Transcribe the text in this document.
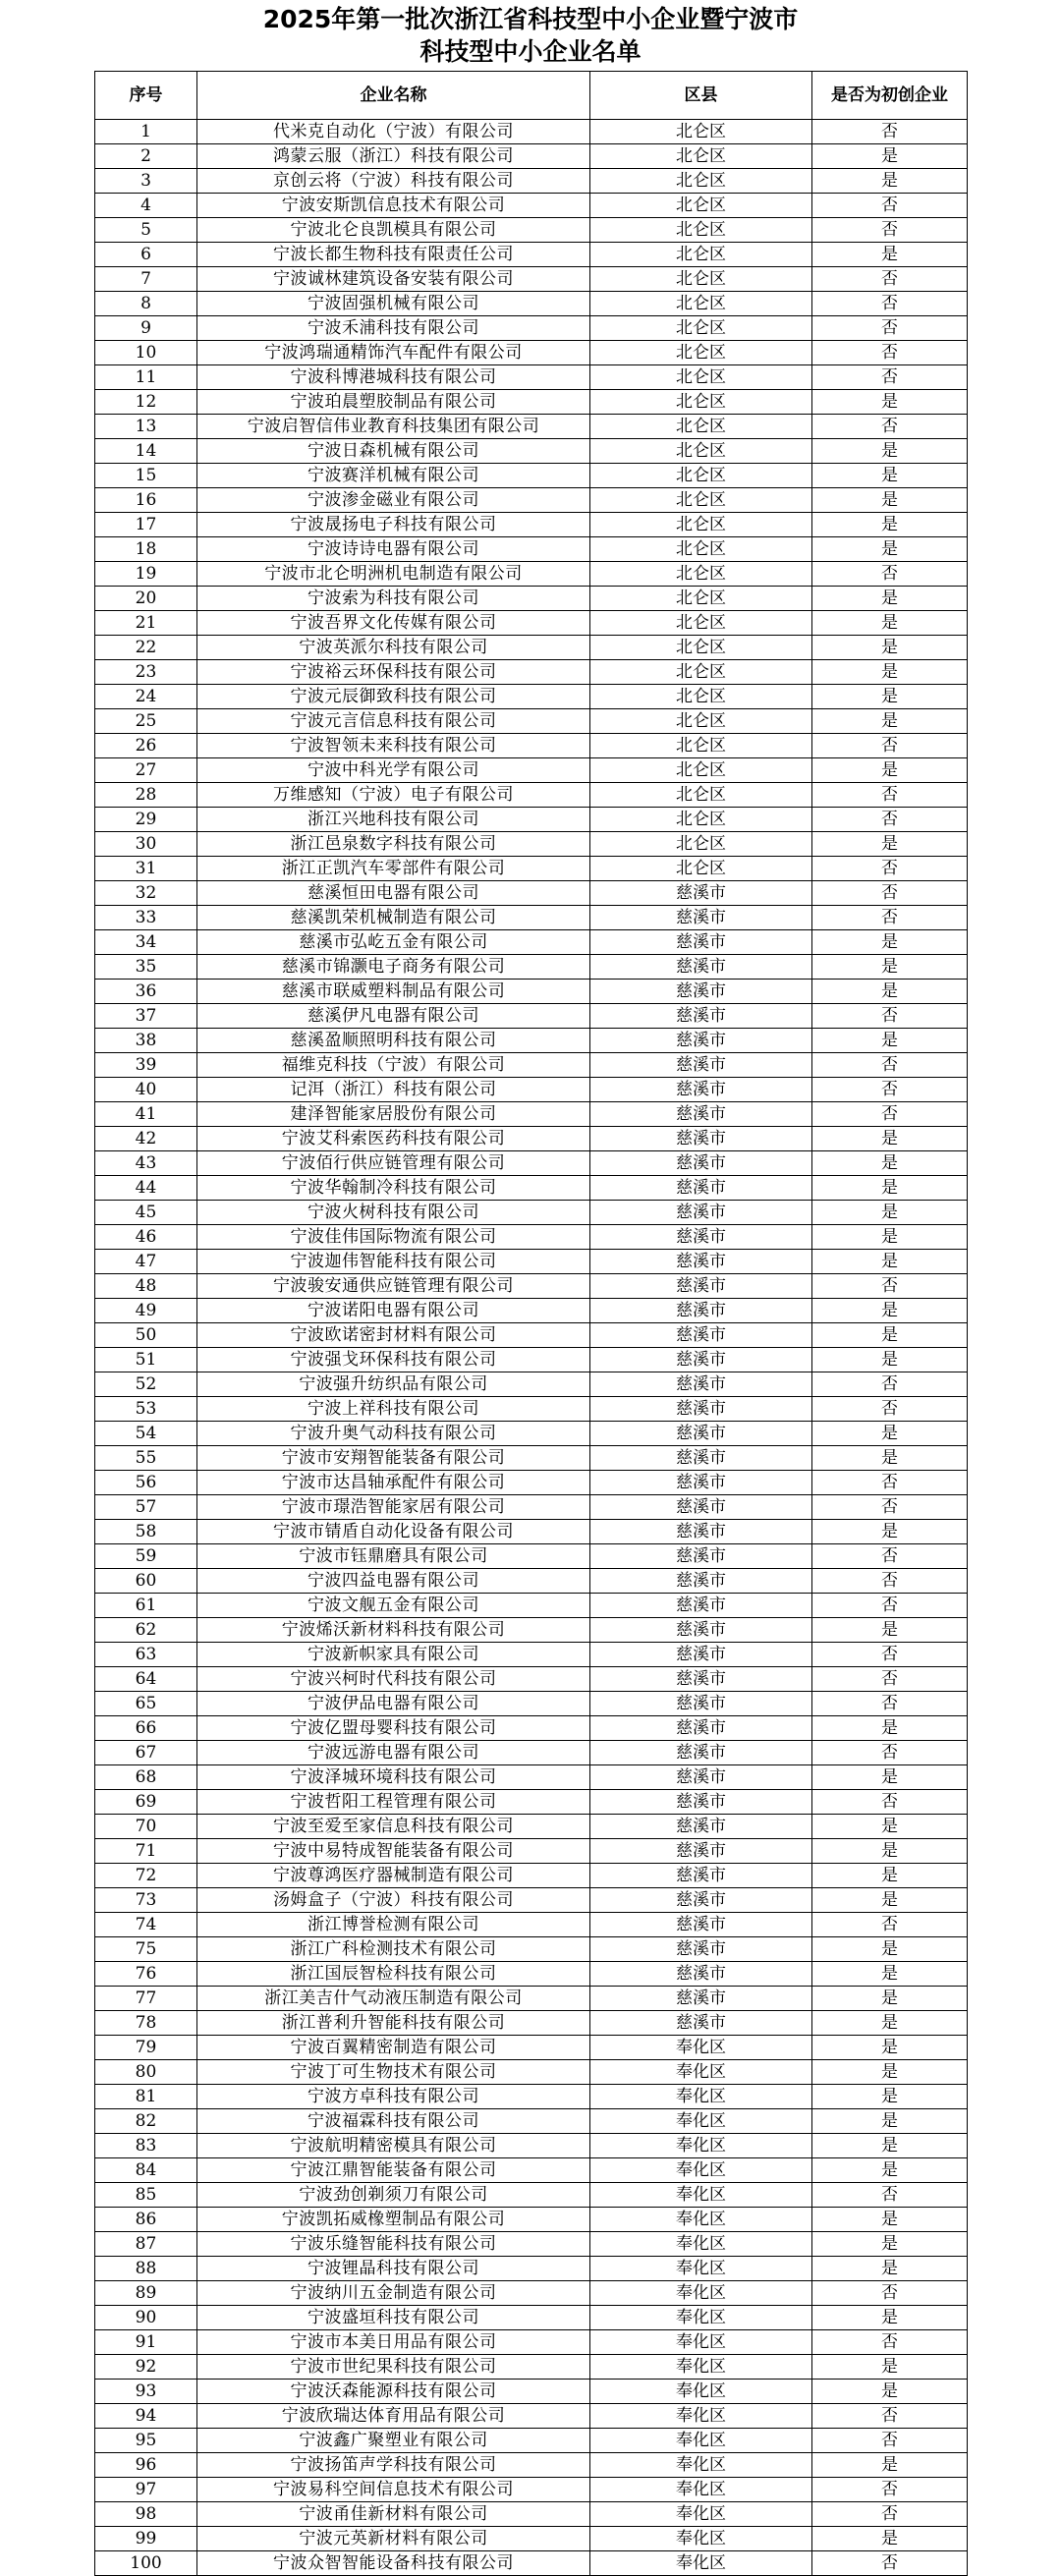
2025年第一批次浙江省科技型中小企业暨宁波市
科技型中小企业名单
序号	企业名称	区县	是否为初创企业
1	代米克自动化（宁波）有限公司	北仑区	否
2	鸿蒙云服（浙江）科技有限公司	北仑区	是
3	京创云将（宁波）科技有限公司	北仑区	是
4	宁波安斯凯信息技术有限公司	北仑区	否
5	宁波北仑良凯模具有限公司	北仑区	否
6	宁波长都生物科技有限责任公司	北仑区	是
7	宁波诚林建筑设备安装有限公司	北仑区	否
8	宁波固强机械有限公司	北仑区	否
9	宁波禾浦科技有限公司	北仑区	否
10	宁波鸿瑞通精饰汽车配件有限公司	北仑区	否
11	宁波科博港城科技有限公司	北仑区	否
12	宁波珀晨塑胶制品有限公司	北仑区	是
13	宁波启智信伟业教育科技集团有限公司	北仑区	否
14	宁波日森机械有限公司	北仑区	是
15	宁波赛洋机械有限公司	北仑区	是
16	宁波渗金磁业有限公司	北仑区	是
17	宁波晟扬电子科技有限公司	北仑区	是
18	宁波诗诗电器有限公司	北仑区	是
19	宁波市北仑明洲机电制造有限公司	北仑区	否
20	宁波索为科技有限公司	北仑区	是
21	宁波吾界文化传媒有限公司	北仑区	是
22	宁波英派尔科技有限公司	北仑区	是
23	宁波裕云环保科技有限公司	北仑区	是
24	宁波元辰御致科技有限公司	北仑区	是
25	宁波元言信息科技有限公司	北仑区	是
26	宁波智领未来科技有限公司	北仑区	否
27	宁波中科光学有限公司	北仑区	是
28	万维感知（宁波）电子有限公司	北仑区	否
29	浙江兴地科技有限公司	北仑区	否
30	浙江邑泉数字科技有限公司	北仑区	是
31	浙江正凯汽车零部件有限公司	北仑区	否
32	慈溪恒田电器有限公司	慈溪市	否
33	慈溪凯荣机械制造有限公司	慈溪市	否
34	慈溪市弘屹五金有限公司	慈溪市	是
35	慈溪市锦灏电子商务有限公司	慈溪市	是
36	慈溪市联威塑料制品有限公司	慈溪市	是
37	慈溪伊凡电器有限公司	慈溪市	否
38	慈溪盈顺照明科技有限公司	慈溪市	是
39	福维克科技（宁波）有限公司	慈溪市	否
40	记洱（浙江）科技有限公司	慈溪市	否
41	建泽智能家居股份有限公司	慈溪市	否
42	宁波艾科索医药科技有限公司	慈溪市	是
43	宁波佰行供应链管理有限公司	慈溪市	是
44	宁波华翰制冷科技有限公司	慈溪市	是
45	宁波火树科技有限公司	慈溪市	是
46	宁波佳伟国际物流有限公司	慈溪市	是
47	宁波迦伟智能科技有限公司	慈溪市	是
48	宁波骏安通供应链管理有限公司	慈溪市	否
49	宁波诺阳电器有限公司	慈溪市	是
50	宁波欧诺密封材料有限公司	慈溪市	是
51	宁波强戈环保科技有限公司	慈溪市	是
52	宁波强升纺织品有限公司	慈溪市	否
53	宁波上祥科技有限公司	慈溪市	否
54	宁波升奥气动科技有限公司	慈溪市	是
55	宁波市安翔智能装备有限公司	慈溪市	是
56	宁波市达昌轴承配件有限公司	慈溪市	否
57	宁波市璟浩智能家居有限公司	慈溪市	否
58	宁波市锖盾自动化设备有限公司	慈溪市	是
59	宁波市钰鼎磨具有限公司	慈溪市	否
60	宁波四益电器有限公司	慈溪市	否
61	宁波文舰五金有限公司	慈溪市	否
62	宁波烯沃新材料科技有限公司	慈溪市	是
63	宁波新帜家具有限公司	慈溪市	否
64	宁波兴柯时代科技有限公司	慈溪市	否
65	宁波伊品电器有限公司	慈溪市	否
66	宁波亿盟母婴科技有限公司	慈溪市	是
67	宁波远游电器有限公司	慈溪市	否
68	宁波泽城环境科技有限公司	慈溪市	是
69	宁波哲阳工程管理有限公司	慈溪市	否
70	宁波至爱至家信息科技有限公司	慈溪市	是
71	宁波中易特成智能装备有限公司	慈溪市	是
72	宁波尊鸿医疗器械制造有限公司	慈溪市	是
73	汤姆盒子（宁波）科技有限公司	慈溪市	是
74	浙江博誉检测有限公司	慈溪市	否
75	浙江广科检测技术有限公司	慈溪市	是
76	浙江国辰智检科技有限公司	慈溪市	是
77	浙江美吉什气动液压制造有限公司	慈溪市	是
78	浙江普利升智能科技有限公司	慈溪市	是
79	宁波百翼精密制造有限公司	奉化区	是
80	宁波丁可生物技术有限公司	奉化区	是
81	宁波方卓科技有限公司	奉化区	是
82	宁波福霖科技有限公司	奉化区	是
83	宁波航明精密模具有限公司	奉化区	是
84	宁波江鼎智能装备有限公司	奉化区	是
85	宁波劲创剃须刀有限公司	奉化区	否
86	宁波凯拓威橡塑制品有限公司	奉化区	是
87	宁波乐缝智能科技有限公司	奉化区	是
88	宁波锂晶科技有限公司	奉化区	是
89	宁波纳川五金制造有限公司	奉化区	否
90	宁波盛垣科技有限公司	奉化区	是
91	宁波市本美日用品有限公司	奉化区	否
92	宁波市世纪果科技有限公司	奉化区	是
93	宁波沃森能源科技有限公司	奉化区	是
94	宁波欣瑞达体育用品有限公司	奉化区	否
95	宁波鑫广聚塑业有限公司	奉化区	否
96	宁波扬笛声学科技有限公司	奉化区	是
97	宁波易科空间信息技术有限公司	奉化区	否
98	宁波甬佳新材料有限公司	奉化区	否
99	宁波元英新材料有限公司	奉化区	是
100	宁波众智智能设备科技有限公司	奉化区	否
